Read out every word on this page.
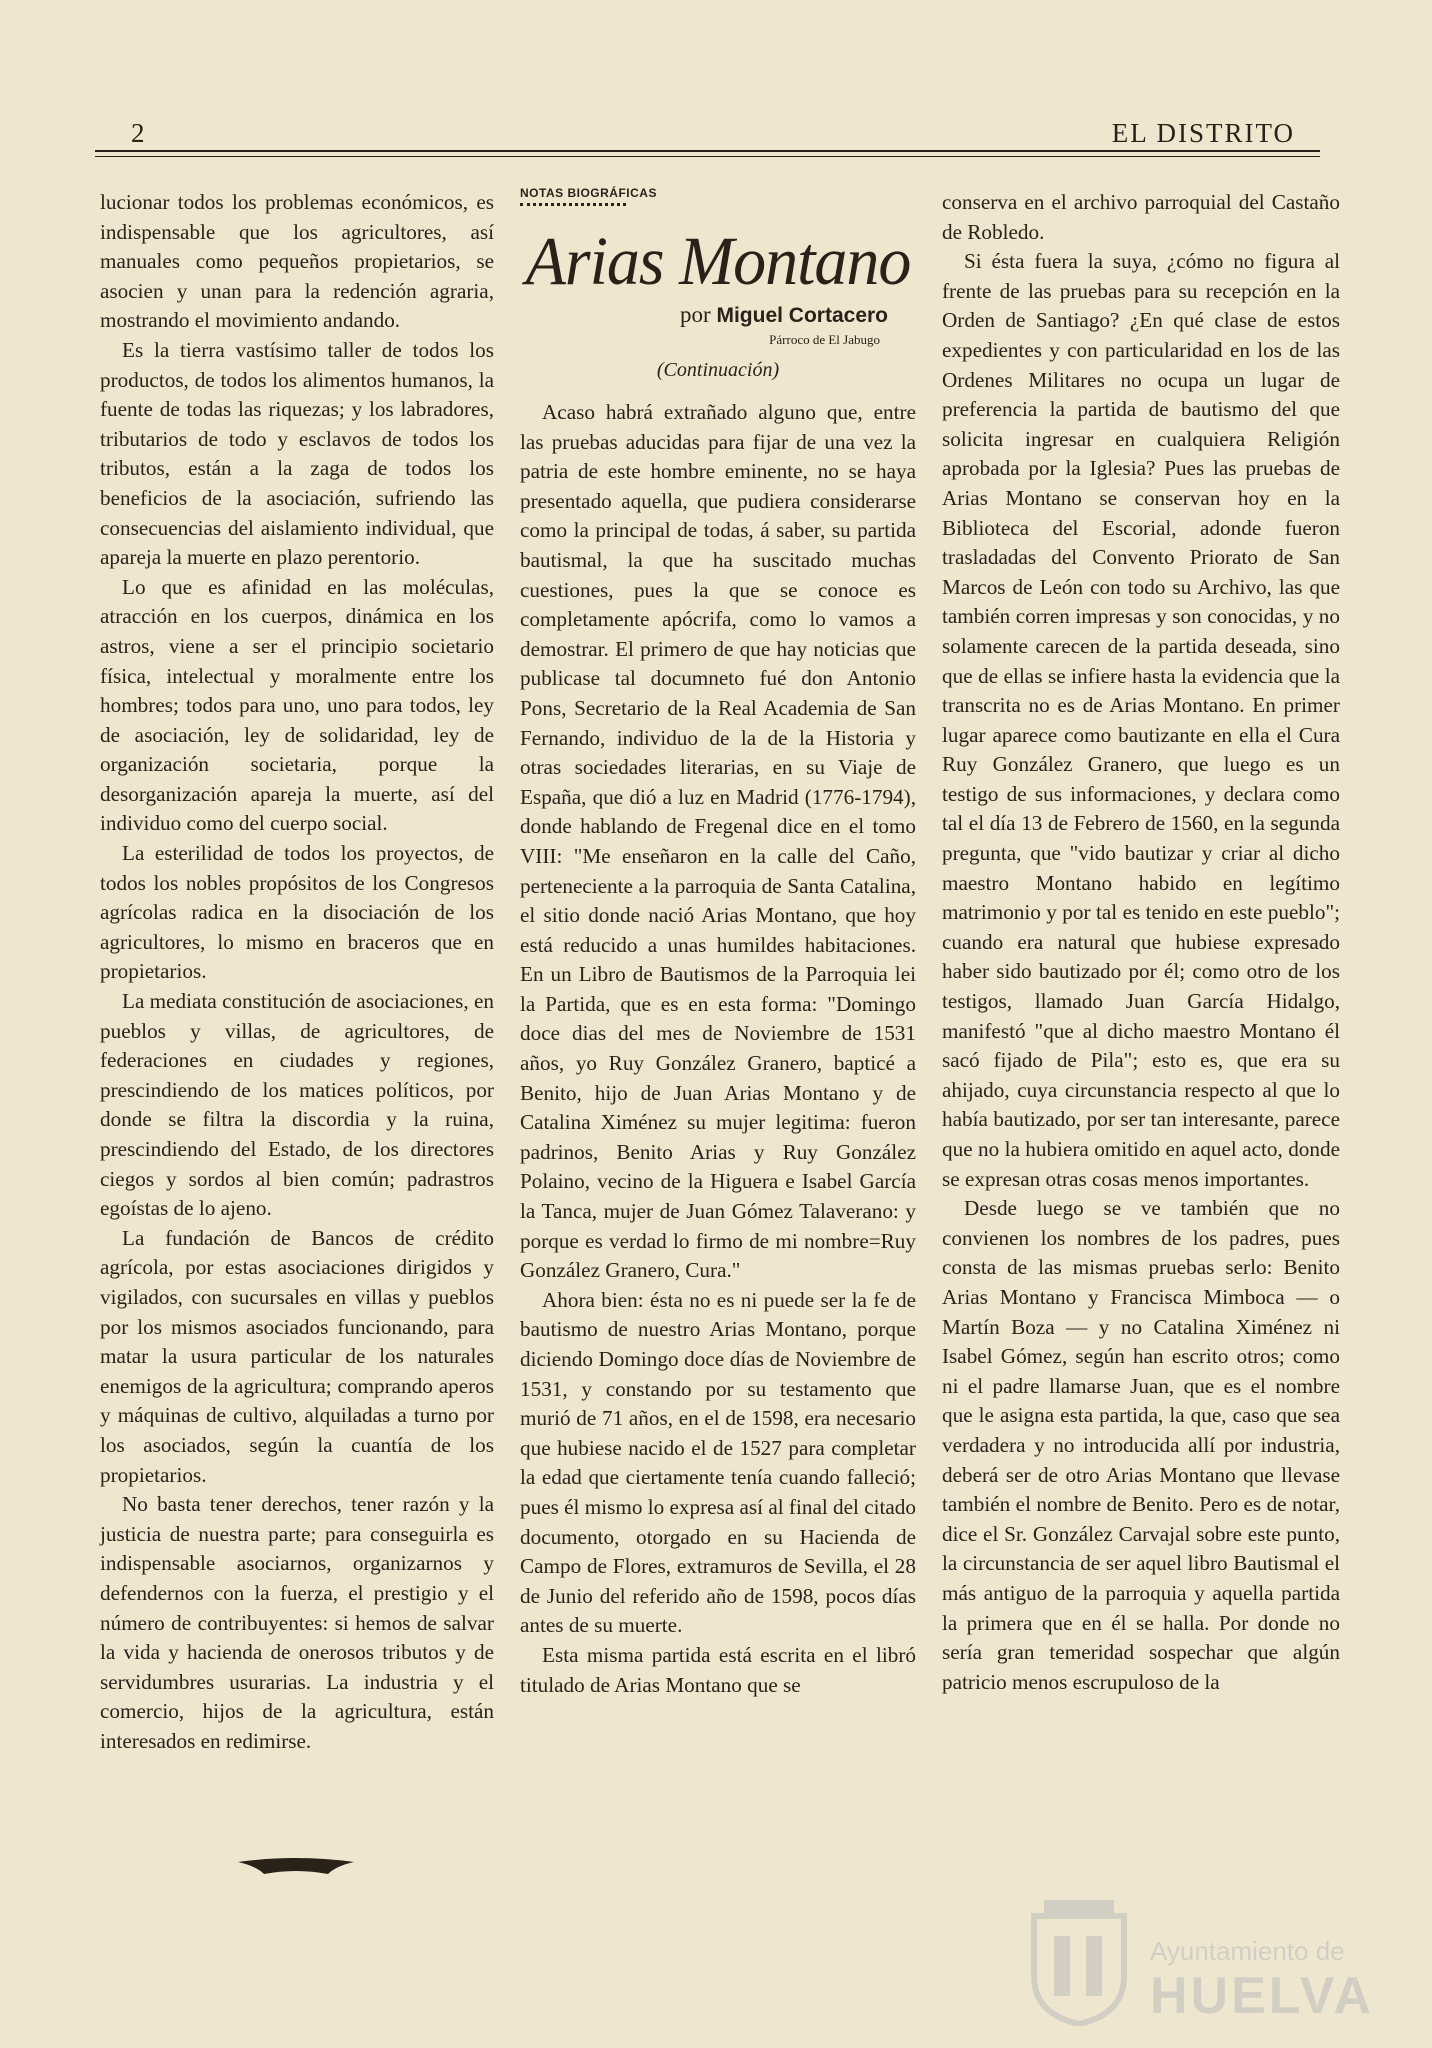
2	EL DISTRITO

lucionar todos los problemas económicos, es indispensable que los agricultores, así manuales como pequeños propietarios, se asocien y unan para la redención agraria, mostrando el movimiento andando.

Es la tierra vastísimo taller de todos los productos, de todos los alimentos humanos, la fuente de todas las riquezas; y los labradores, tributarios de todo y esclavos de todos los tributos, están a la zaga de todos los beneficios de la asociación, sufriendo las consecuencias del aislamiento individual, que apareja la muerte en plazo perentorio.

Lo que es afinidad en las moléculas, atracción en los cuerpos, dinámica en los astros, viene a ser el principio societario física, intelectual y moralmente entre los hombres; todos para uno, uno para todos, ley de asociación, ley de solidaridad, ley de organización societaria, porque la desorganización apareja la muerte, así del individuo como del cuerpo social.

La esterilidad de todos los proyectos, de todos los nobles propósitos de los Congresos agrícolas radica en la disociación de los agricultores, lo mismo en braceros que en propietarios.

La mediata constitución de asociaciones, en pueblos y villas, de agricultores, de federaciones en ciudades y regiones, prescindiendo de los matices políticos, por donde se filtra la discordia y la ruina, prescindiendo del Estado, de los directores ciegos y sordos al bien común; padrastros egoístas de lo ajeno.

La fundación de Bancos de crédito agrícola, por estas asociaciones dirigidos y vigilados, con sucursales en villas y pueblos por los mismos asociados funcionando, para matar la usura particular de los naturales enemigos de la agricultura; comprando aperos y máquinas de cultivo, alquiladas a turno por los asociados, según la cuantía de los propietarios.

No basta tener derechos, tener razón y la justicia de nuestra parte; para conseguirla es indispensable asociarnos, organizarnos y defendernos con la fuerza, el prestigio y el número de contribuyentes: si hemos de salvar la vida y hacienda de onerosos tributos y de servidumbres usurarias. La industria y el comercio, hijos de la agricultura, están interesados en redimirse.

NOTAS BIOGRÁFICAS
Arias Montano
por Miguel Cortacero
Párroco de El Jabugo
(Continuación)

Acaso habrá extrañado alguno que, entre las pruebas aducidas para fijar de una vez la patria de este hombre eminente, no se haya presentado aquella, que pudiera considerarse como la principal de todas, á saber, su partida bautismal, la que ha suscitado muchas cuestiones, pues la que se conoce es completamente apócrifa, como lo vamos a demostrar. El primero de que hay noticias que publicase tal documneto fué don Antonio Pons, Secretario de la Real Academia de San Fernando, individuo de la de la Historia y otras sociedades literarias, en su Viaje de España, que dió a luz en Madrid (1776-1794), donde hablando de Fregenal dice en el tomo VIII: "Me enseñaron en la calle del Caño, perteneciente a la parroquia de Santa Catalina, el sitio donde nació Arias Montano, que hoy está reducido a unas humildes habitaciones. En un Libro de Bautismos de la Parroquia lei la Partida, que es en esta forma: "Domingo doce dias del mes de Noviembre de 1531 años, yo Ruy González Granero, bapticé a Benito, hijo de Juan Arias Montano y de Catalina Ximénez su mujer legitima: fueron padrinos, Benito Arias y Ruy González Polaino, vecino de la Higuera e Isabel García la Tanca, mujer de Juan Gómez Talaverano: y porque es verdad lo firmo de mi nombre=Ruy González Granero, Cura."

Ahora bien: ésta no es ni puede ser la fe de bautismo de nuestro Arias Montano, porque diciendo Domingo doce días de Noviembre de 1531, y constando por su testamento que murió de 71 años, en el de 1598, era necesario que hubiese nacido el de 1527 para completar la edad que ciertamente tenía cuando falleció; pues él mismo lo expresa así al final del citado documento, otorgado en su Hacienda de Campo de Flores, extramuros de Sevilla, el 28 de Junio del referido año de 1598, pocos días antes de su muerte.

Esta misma partida está escrita en el libró titulado de Arias Montano que se

conserva en el archivo parroquial del Castaño de Robledo.

Si ésta fuera la suya, ¿cómo no figura al frente de las pruebas para su recepción en la Orden de Santiago? ¿En qué clase de estos expedientes y con particularidad en los de las Ordenes Militares no ocupa un lugar de preferencia la partida de bautismo del que solicita ingresar en cualquiera Religión aprobada por la Iglesia? Pues las pruebas de Arias Montano se conservan hoy en la Biblioteca del Escorial, adonde fueron trasladadas del Convento Priorato de San Marcos de León con todo su Archivo, las que también corren impresas y son conocidas, y no solamente carecen de la partida deseada, sino que de ellas se infiere hasta la evidencia que la transcrita no es de Arias Montano. En primer lugar aparece como bautizante en ella el Cura Ruy González Granero, que luego es un testigo de sus informaciones, y declara como tal el día 13 de Febrero de 1560, en la segunda pregunta, que "vido bautizar y criar al dicho maestro Montano habido en legítimo matrimonio y por tal es tenido en este pueblo"; cuando era natural que hubiese expresado haber sido bautizado por él; como otro de los testigos, llamado Juan García Hidalgo, manifestó "que al dicho maestro Montano él sacó fijado de Pila"; esto es, que era su ahijado, cuya circunstancia respecto al que lo había bautizado, por ser tan interesante, parece que no la hubiera omitido en aquel acto, donde se expresan otras cosas menos importantes.

Desde luego se ve también que no convienen los nombres de los padres, pues consta de las mismas pruebas serlo: Benito Arias Montano y Francisca Mimboca — o Martín Boza — y no Catalina Ximénez ni Isabel Gómez, según han escrito otros; como ni el padre llamarse Juan, que es el nombre que le asigna esta partida, la que, caso que sea verdadera y no introducida allí por industria, deberá ser de otro Arias Montano que llevase también el nombre de Benito. Pero es de notar, dice el Sr. González Carvajal sobre este punto, la circunstancia de ser aquel libro Bautismal el más antiguo de la parroquia y aquella partida la primera que en él se halla. Por donde no sería gran temeridad sospechar que algún patricio menos escrupuloso de la

Ayuntamiento de
HUELVA
